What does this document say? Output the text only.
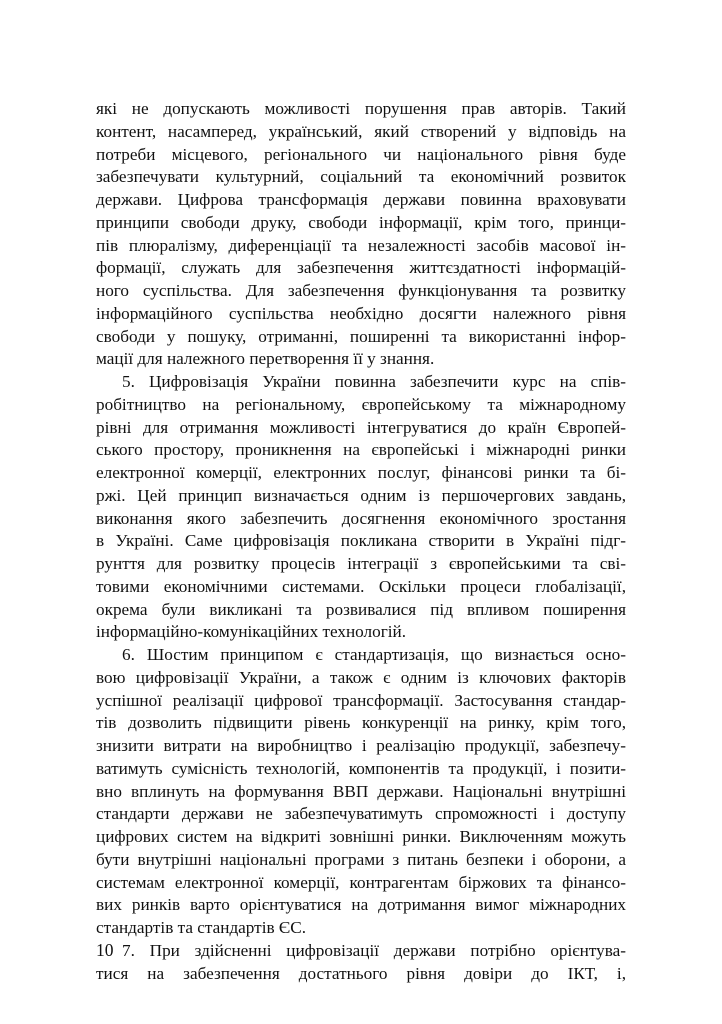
які не допускають можливості порушення прав авторів. Такий
контент, насамперед, український, який створений у відповідь на
потреби місцевого, регіонального чи національного рівня буде
забезпечувати культурний, соціальний та економічний розвиток
держави. Цифрова трансформація держави повинна враховувати
принципи свободи друку, свободи інформації, крім того, принци-
пів плюралізму, диференціації та незалежності засобів масової ін-
формації, служать для забезпечення життєздатності інформацій-
ного суспільства. Для забезпечення функціонування та розвитку
інформаційного суспільства необхідно досягти належного рівня
свободи у пошуку, отриманні, поширенні та використанні інфор-
мації для належного перетворення її у знання.
5. Цифровізація України повинна забезпечити курс на спів-
робітництво на регіональному, європейському та міжнародному
рівні для отримання можливості інтегруватися до країн Європей-
ського простору, проникнення на європейські і міжнародні ринки
електронної комерції, електронних послуг, фінансові ринки та бі-
ржі. Цей принцип визначається одним із першочергових завдань,
виконання якого забезпечить досягнення економічного зростання
в Україні. Саме цифровізація покликана створити в Україні підг-
рунття для розвитку процесів інтеграції з європейськими та сві-
товими економічними системами. Оскільки процеси глобалізації,
окрема були викликані та розвивалися під впливом поширення
інформаційно-комунікаційних технологій.
6. Шостим принципом є стандартизація, що визнається осно-
вою цифровізації України, а також є одним із ключових факторів
успішної реалізації цифрової трансформації. Застосування стандар-
тів дозволить підвищити рівень конкуренції на ринку, крім того,
знизити витрати на виробництво і реалізацію продукції, забезпечу-
ватимуть сумісність технологій, компонентів та продукції, і позити-
вно вплинуть на формування ВВП держави. Національні внутрішні
стандарти держави не забезпечуватимуть спроможності і доступу
цифрових систем на відкриті зовнішні ринки. Виключенням можуть
бути внутрішні національні програми з питань безпеки і оборони, а
системам електронної комерції, контрагентам біржових та фінансо-
вих ринків варто орієнтуватися на дотримання вимог міжнародних
стандартів та стандартів ЄС.
7. При здійсненні цифровізації держави потрібно орієнтува-
тися на забезпечення достатнього рівня довіри до ІКТ, і,
10
